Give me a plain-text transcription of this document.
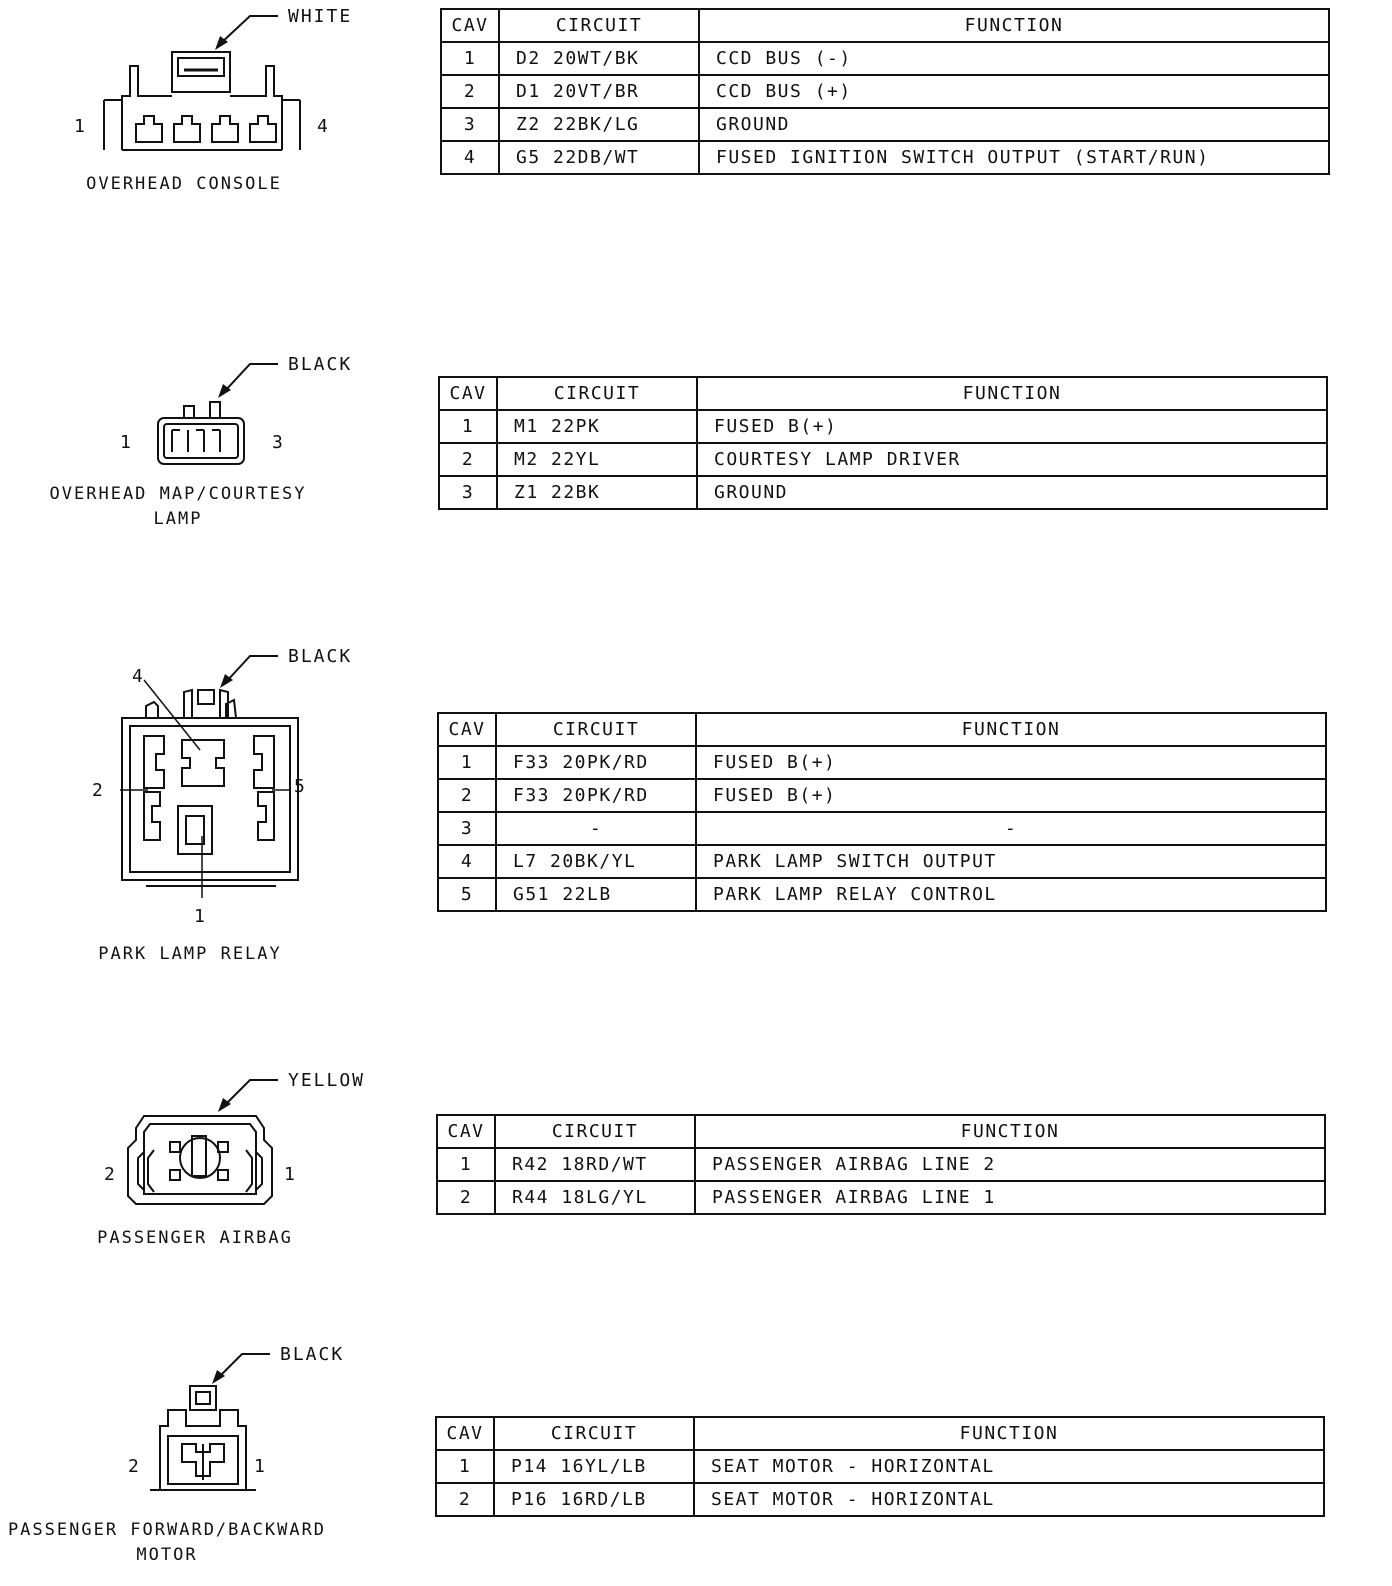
WHITE
1	4
OVERHEAD CONSOLE
CAV	CIRCUIT	FUNCTION
1	D2 20WT/BK	CCD BUS (-)
2	D1 20VT/BR	CCD BUS (+)
3	Z2 22BK/LG	GROUND
4	G5 22DB/WT	FUSED IGNITION SWITCH OUTPUT (START/RUN)
BLACK
1	3
OVERHEAD MAP/COURTESY LAMP
CAV	CIRCUIT	FUNCTION
1	M1 22PK	FUSED B(+)
2	M2 22YL	COURTESY LAMP DRIVER
3	Z1 22BK	GROUND
BLACK
4
2	5
1
PARK LAMP RELAY
CAV	CIRCUIT	FUNCTION
1	F33 20PK/RD	FUSED B(+)
2	F33 20PK/RD	FUSED B(+)
3	-	-
4	L7 20BK/YL	PARK LAMP SWITCH OUTPUT
5	G51 22LB	PARK LAMP RELAY CONTROL
YELLOW
2	1
PASSENGER AIRBAG
CAV	CIRCUIT	FUNCTION
1	R42 18RD/WT	PASSENGER AIRBAG LINE 2
2	R44 18LG/YL	PASSENGER AIRBAG LINE 1
BLACK
2	1
PASSENGER FORWARD/BACKWARD MOTOR
CAV	CIRCUIT	FUNCTION
1	P14 16YL/LB	SEAT MOTOR - HORIZONTAL
2	P16 16RD/LB	SEAT MOTOR - HORIZONTAL
